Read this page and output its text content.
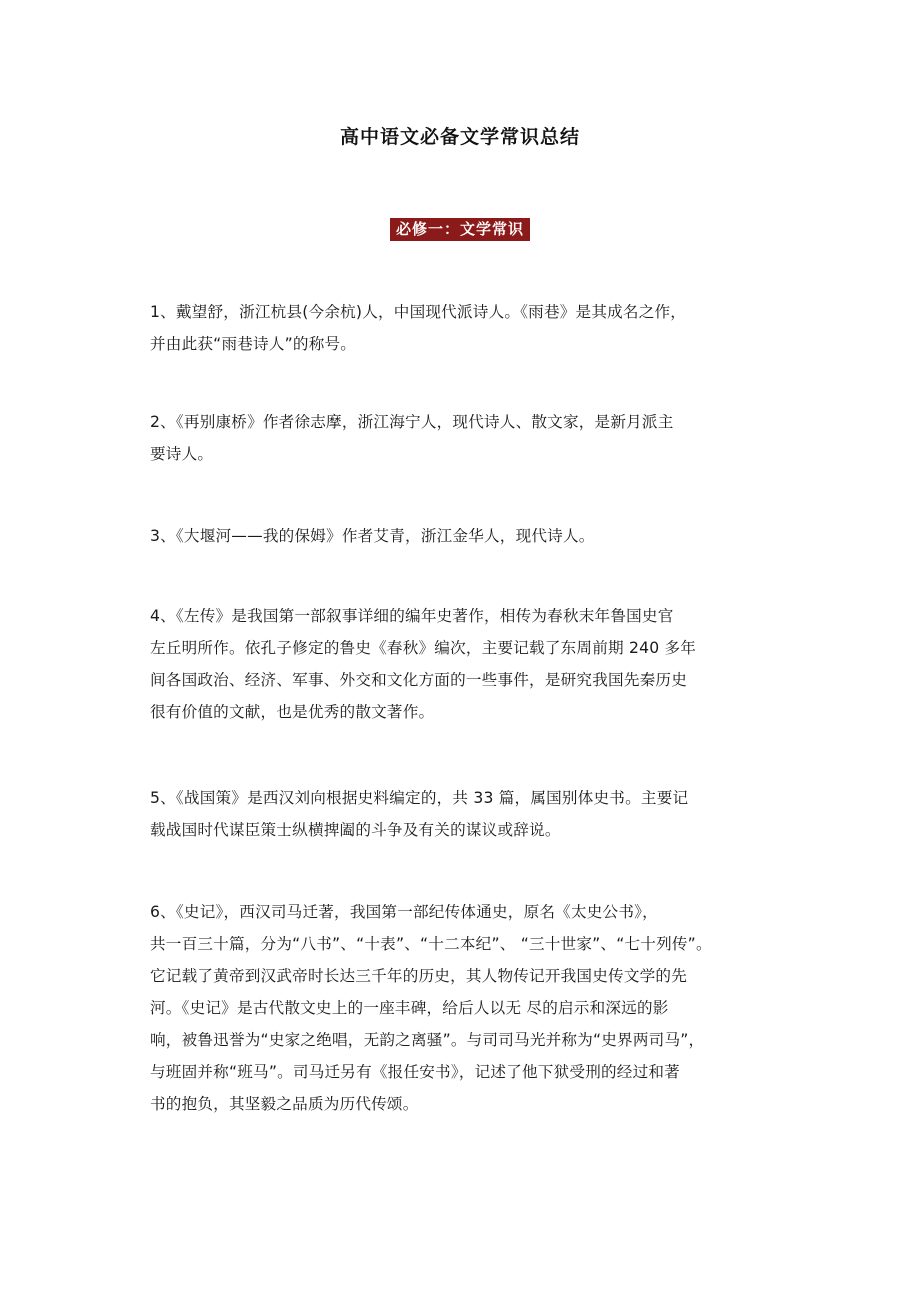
高中语文必备文学常识总结
必修一：文学常识
1、戴望舒，浙江杭县(今余杭)人，中国现代派诗人。《雨巷》是其成名之作，
并由此获“雨巷诗人”的称号。
2、《再别康桥》作者徐志摩，浙江海宁人，现代诗人、散文家，是新月派主
要诗人。
3、《大堰河——我的保姆》作者艾青，浙江金华人，现代诗人。
4、《左传》是我国第一部叙事详细的编年史著作，相传为春秋末年鲁国史官
左丘明所作。依孔子修定的鲁史《春秋》编次，主要记载了东周前期 240 多年
间各国政治、经济、军事、外交和文化方面的一些事件，是研究我国先秦历史
很有价值的文献，也是优秀的散文著作。
5、《战国策》是西汉刘向根据史料编定的，共 33 篇，属国别体史书。主要记
载战国时代谋臣策士纵横捭阖的斗争及有关的谋议或辞说。
6、《史记》，西汉司马迁著，我国第一部纪传体通史，原名《太史公书》，
共一百三十篇，分为“八书”、“十表”、“十二本纪”、 “三十世家”、“七十列传”。
它记载了黄帝到汉武帝时长达三千年的历史，其人物传记开我国史传文学的先
河。《史记》是古代散文史上的一座丰碑，给后人以无 尽的启示和深远的影
响，被鲁迅誉为“史家之绝唱，无韵之离骚”。与司司马光并称为“史界两司马”，
与班固并称“班马”。司马迁另有《报任安书》，记述了他下狱受刑的经过和著
书的抱负，其坚毅之品质为历代传颂。
